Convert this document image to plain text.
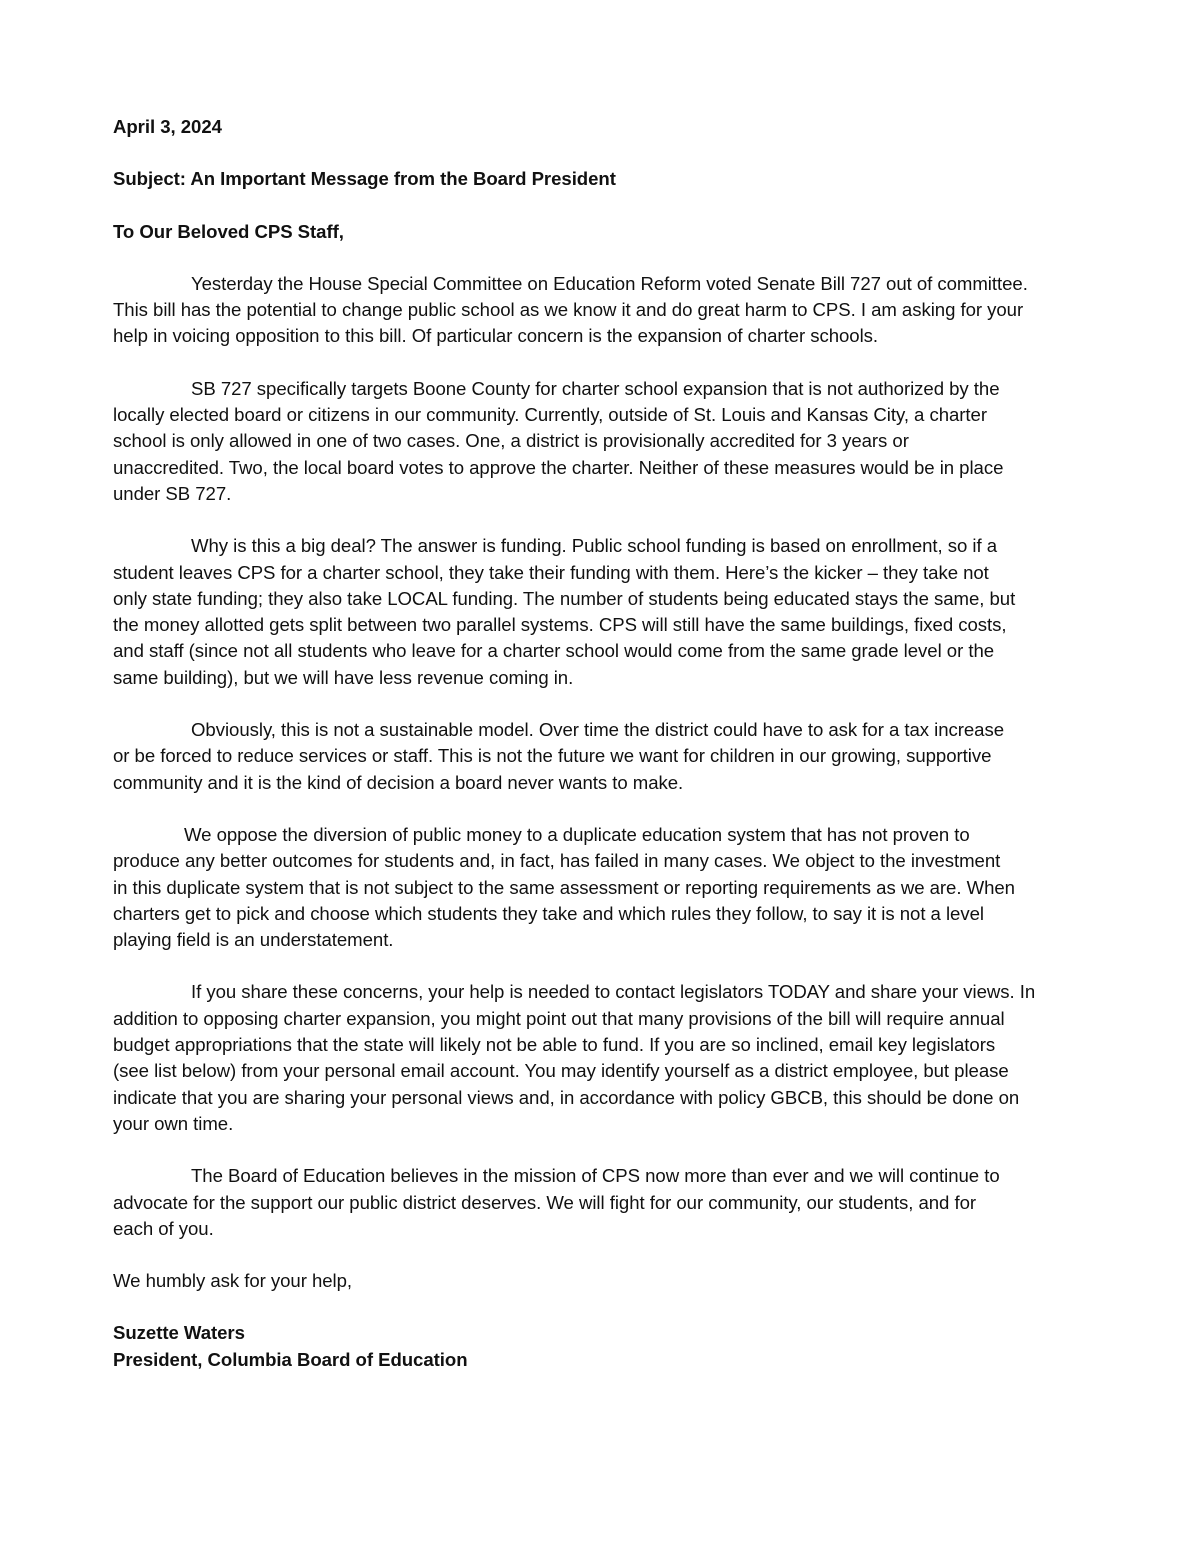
April 3, 2024

Subject: An Important Message from the Board President

To Our Beloved CPS Staff,

Yesterday the House Special Committee on Education Reform voted Senate Bill 727 out of committee.

This bill has the potential to change public school as we know it and do great harm to CPS. I am asking for your

help in voicing opposition to this bill. Of particular concern is the expansion of charter schools.

SB 727 specifically targets Boone County for charter school expansion that is not authorized by the

locally elected board or citizens in our community. Currently, outside of St. Louis and Kansas City, a charter

school is only allowed in one of two cases. One, a district is provisionally accredited for 3 years or

unaccredited. Two, the local board votes to approve the charter. Neither of these measures would be in place

under SB 727.

Why is this a big deal? The answer is funding. Public school funding is based on enrollment, so if a

student leaves CPS for a charter school, they take their funding with them. Here’s the kicker – they take not

only state funding; they also take LOCAL funding. The number of students being educated stays the same, but

the money allotted gets split between two parallel systems. CPS will still have the same buildings, fixed costs,

and staff (since not all students who leave for a charter school would come from the same grade level or the

same building), but we will have less revenue coming in.

Obviously, this is not a sustainable model. Over time the district could have to ask for a tax increase

or be forced to reduce services or staff. This is not the future we want for children in our growing, supportive

community and it is the kind of decision a board never wants to make.

We oppose the diversion of public money to a duplicate education system that has not proven to

produce any better outcomes for students and, in fact, has failed in many cases. We object to the investment

in this duplicate system that is not subject to the same assessment or reporting requirements as we are. When

charters get to pick and choose which students they take and which rules they follow, to say it is not a level

playing field is an understatement.

If you share these concerns, your help is needed to contact legislators TODAY and share your views. In

addition to opposing charter expansion, you might point out that many provisions of the bill will require annual

budget appropriations that the state will likely not be able to fund. If you are so inclined, email key legislators

(see list below) from your personal email account. You may identify yourself as a district employee, but please

indicate that you are sharing your personal views and, in accordance with policy GBCB, this should be done on

your own time.

The Board of Education believes in the mission of CPS now more than ever and we will continue to

advocate for the support our public district deserves. We will fight for our community, our students, and for

each of you.

We humbly ask for your help,

Suzette Waters

President, Columbia Board of Education
